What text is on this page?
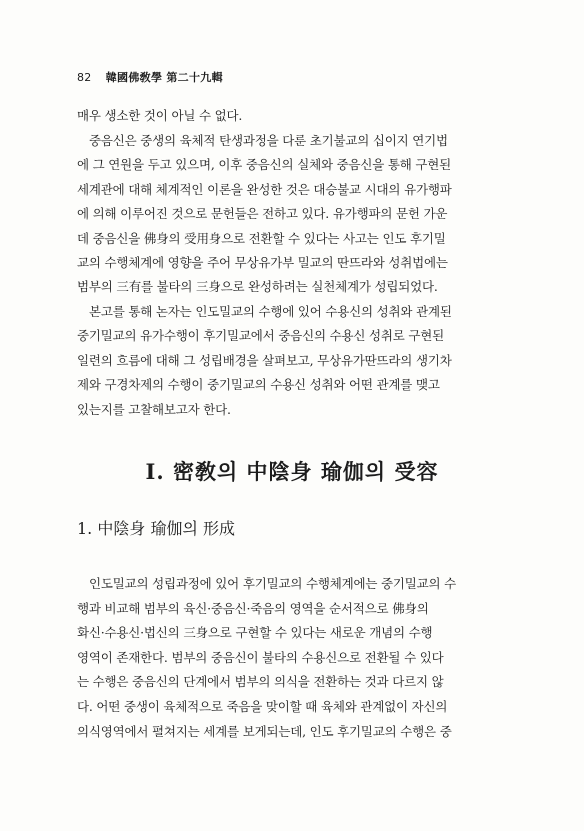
82 韓國佛敎學 第二十九輯
매우 생소한 것이 아닐 수 없다.
중음신은 중생의 육체적 탄생과정을 다룬 초기불교의 십이지 연기법
에 그 연원을 두고 있으며, 이후 중음신의 실체와 중음신을 통해 구현된
세계관에 대해 체계적인 이론을 완성한 것은 대승불교 시대의 유가행파
에 의해 이루어진 것으로 문헌들은 전하고 있다. 유가행파의 문헌 가운
데 중음신을 佛身의 受用身으로 전환할 수 있다는 사고는 인도 후기밀
교의 수행체계에 영향을 주어 무상유가부 밀교의 딴뜨라와 성취법에는
범부의 三有를 불타의 三身으로 완성하려는 실천체계가 성립되었다.
본고를 통해 논자는 인도밀교의 수행에 있어 수용신의 성취와 관계된
중기밀교의 유가수행이 후기밀교에서 중음신의 수용신 성취로 구현된
일련의 흐름에 대해 그 성립배경을 살펴보고, 무상유가딴뜨라의 생기차
제와 구경차제의 수행이 중기밀교의 수용신 성취와 어떤 관계를 맺고
있는지를 고찰해보고자 한다.
I. 密敎의 中陰身 瑜伽의 受容
1. 中陰身 瑜伽의 形成
인도밀교의 성립과정에 있어 후기밀교의 수행체계에는 중기밀교의 수
행과 비교해 범부의 육신·중음신·죽음의 영역을 순서적으로 佛身의
화신·수용신·법신의 三身으로 구현할 수 있다는 새로운 개념의 수행
영역이 존재한다. 범부의 중음신이 불타의 수용신으로 전환될 수 있다
는 수행은 중음신의 단계에서 범부의 의식을 전환하는 것과 다르지 않
다. 어떤 중생이 육체적으로 죽음을 맞이할 때 육체와 관계없이 자신의
의식영역에서 펼쳐지는 세계를 보게되는데, 인도 후기밀교의 수행은 중
